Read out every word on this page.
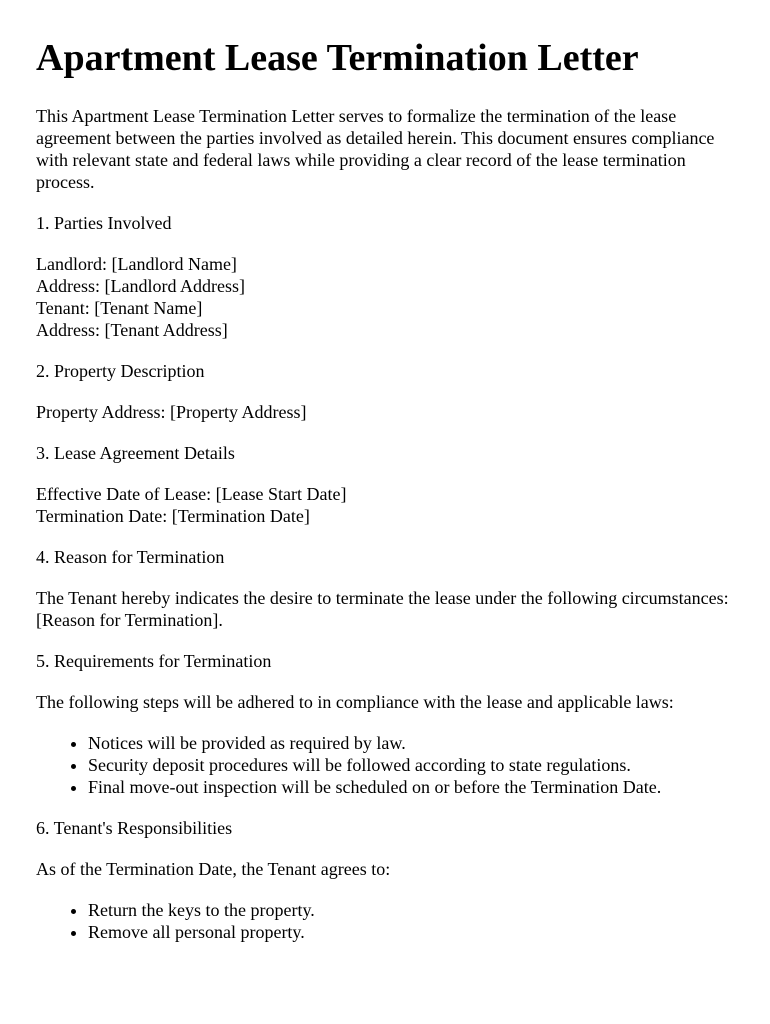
Apartment Lease Termination Letter

This Apartment Lease Termination Letter serves to formalize the termination of the lease agreement between the parties involved as detailed herein. This document ensures compliance with relevant state and federal laws while providing a clear record of the lease termination process.

1. Parties Involved

Landlord: [Landlord Name]
Address: [Landlord Address]
Tenant: [Tenant Name]
Address: [Tenant Address]

2. Property Description

Property Address: [Property Address]

3. Lease Agreement Details

Effective Date of Lease: [Lease Start Date]
Termination Date: [Termination Date]

4. Reason for Termination

The Tenant hereby indicates the desire to terminate the lease under the following circumstances: [Reason for Termination].

5. Requirements for Termination

The following steps will be adhered to in compliance with the lease and applicable laws:

• Notices will be provided as required by law.
• Security deposit procedures will be followed according to state regulations.
• Final move-out inspection will be scheduled on or before the Termination Date.

6. Tenant's Responsibilities

As of the Termination Date, the Tenant agrees to:

• Return the keys to the property.
• Remove all personal property.
